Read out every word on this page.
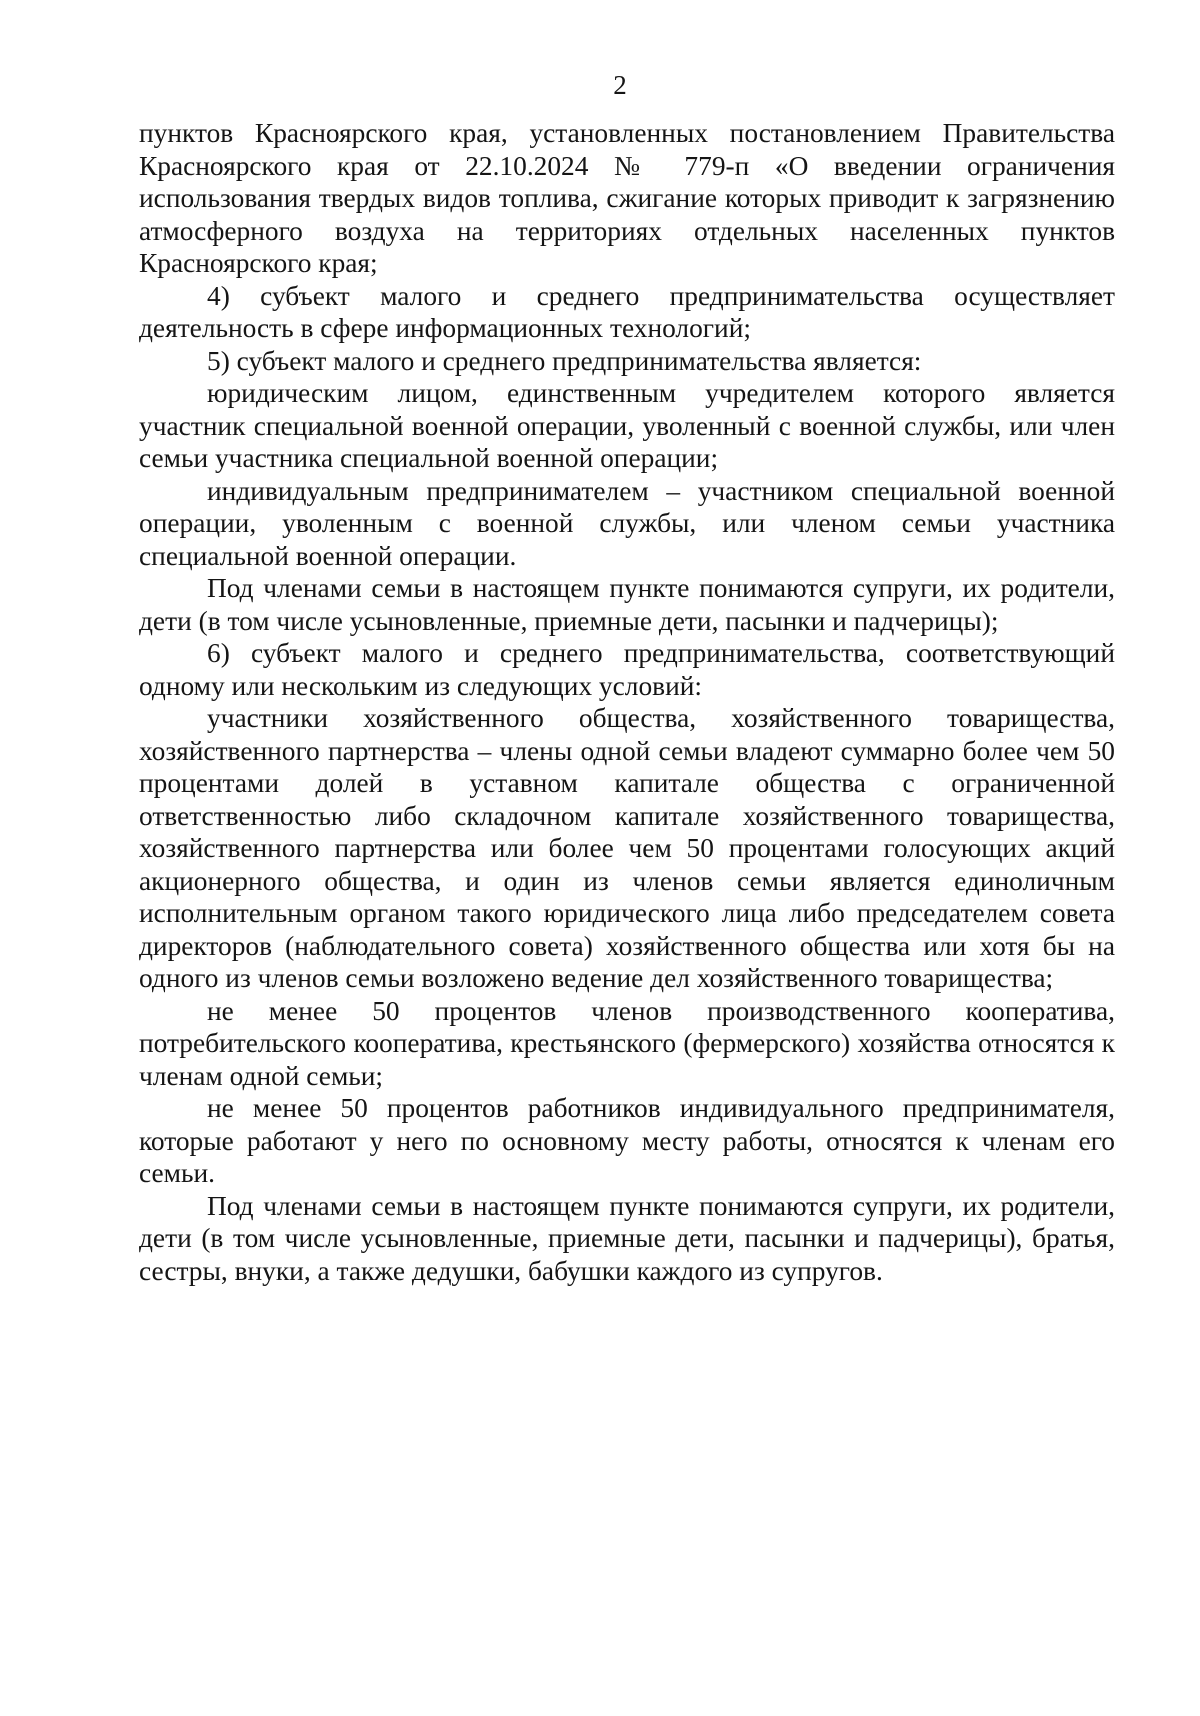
2

пунктов Красноярского края, установленных постановлением Правительства Красноярского края от 22.10.2024 № 779-п «О введении ограничения использования твердых видов топлива, сжигание которых приводит к загрязнению атмосферного воздуха на территориях отдельных населенных пунктов Красноярского края;

4) субъект малого и среднего предпринимательства осуществляет деятельность в сфере информационных технологий;

5) субъект малого и среднего предпринимательства является:

юридическим лицом, единственным учредителем которого является участник специальной военной операции, уволенный с военной службы, или член семьи участника специальной военной операции;

индивидуальным предпринимателем – участником специальной военной операции, уволенным с военной службы, или членом семьи участника специальной военной операции.

Под членами семьи в настоящем пункте понимаются супруги, их родители, дети (в том числе усыновленные, приемные дети, пасынки и падчерицы);

6) субъект малого и среднего предпринимательства, соответствующий одному или нескольким из следующих условий:

участники хозяйственного общества, хозяйственного товарищества, хозяйственного партнерства – члены одной семьи владеют суммарно более чем 50 процентами долей в уставном капитале общества с ограниченной ответственностью либо складочном капитале хозяйственного товарищества, хозяйственного партнерства или более чем 50 процентами голосующих акций акционерного общества, и один из членов семьи является единоличным исполнительным органом такого юридического лица либо председателем совета директоров (наблюдательного совета) хозяйственного общества или хотя бы на одного из членов семьи возложено ведение дел хозяйственного товарищества;

не менее 50 процентов членов производственного кооператива, потребительского кооператива, крестьянского (фермерского) хозяйства относятся к членам одной семьи;

не менее 50 процентов работников индивидуального предпринимателя, которые работают у него по основному месту работы, относятся к членам его семьи.

Под членами семьи в настоящем пункте понимаются супруги, их родители, дети (в том числе усыновленные, приемные дети, пасынки и падчерицы), братья, сестры, внуки, а также дедушки, бабушки каждого из супругов.
